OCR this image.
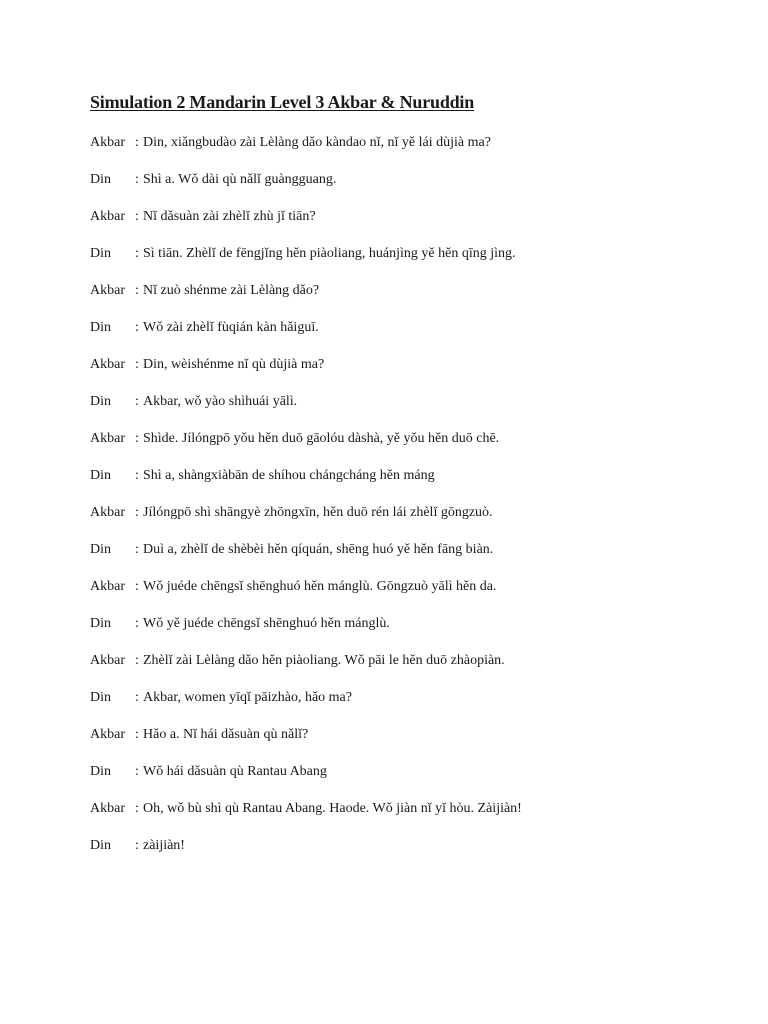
Simulation 2 Mandarin Level 3 Akbar & Nuruddin
Akbar : Din, xiǎngbudào zài Lèlàng dǎo kàndao nǐ, nǐ yě lái dùjià ma?
Din	: Shì a. Wǒ dài qù nǎlǐ guàngguang.
Akbar : Nǐ dǎsuàn zài zhèlǐ zhù jǐ tiān?
Din	: Sì tiān. Zhèlǐ de fēngjǐng hěn piàoliang, huánjìng yě hěn qīng jìng.
Akbar : Nǐ zuò shénme zài Lèlàng dǎo?
Din	: Wǒ zài zhèlǐ fùqián kàn hǎiguī.
Akbar : Din, wèishénme nǐ qù dùjià ma?
Din	: Akbar, wǒ yào shìhuái yālì.
Akbar : Shìde. Jílóngpō yǒu hěn duō gāolóu dàshà, yě yǒu hěn duō chē.
Din	: Shì a, shàngxiàbān de shíhou chángcháng hěn máng
Akbar : Jílóngpō shì shāngyè zhōngxīn, hěn duō rén lái zhèlǐ gōngzuò.
Din	: Duì a, zhèlǐ de shèbèi hěn qíquán, shēng huó yě hěn fāng biàn.
Akbar : Wǒ juéde chēngsǐ shēnghuó hěn mánglù. Gōngzuò yālì hěn da.
Din	: Wǒ yě juéde chēngsǐ shēnghuó hěn mánglù.
Akbar : Zhèlǐ zài Lèlàng dǎo hěn piàoliang. Wǒ pāi le hěn duō zhàopiàn.
Din	: Akbar, women yīqǐ pāizhào, hǎo ma?
Akbar : Hǎo a. Nǐ hái dǎsuàn qù nǎlǐ?
Din	: Wǒ hái dǎsuàn qù Rantau Abang
Akbar : Oh, wǒ bù shì qù Rantau Abang. Haode. Wǒ jiàn nǐ yǐ hòu. Zàijiàn!
Din	: zàijiàn!
